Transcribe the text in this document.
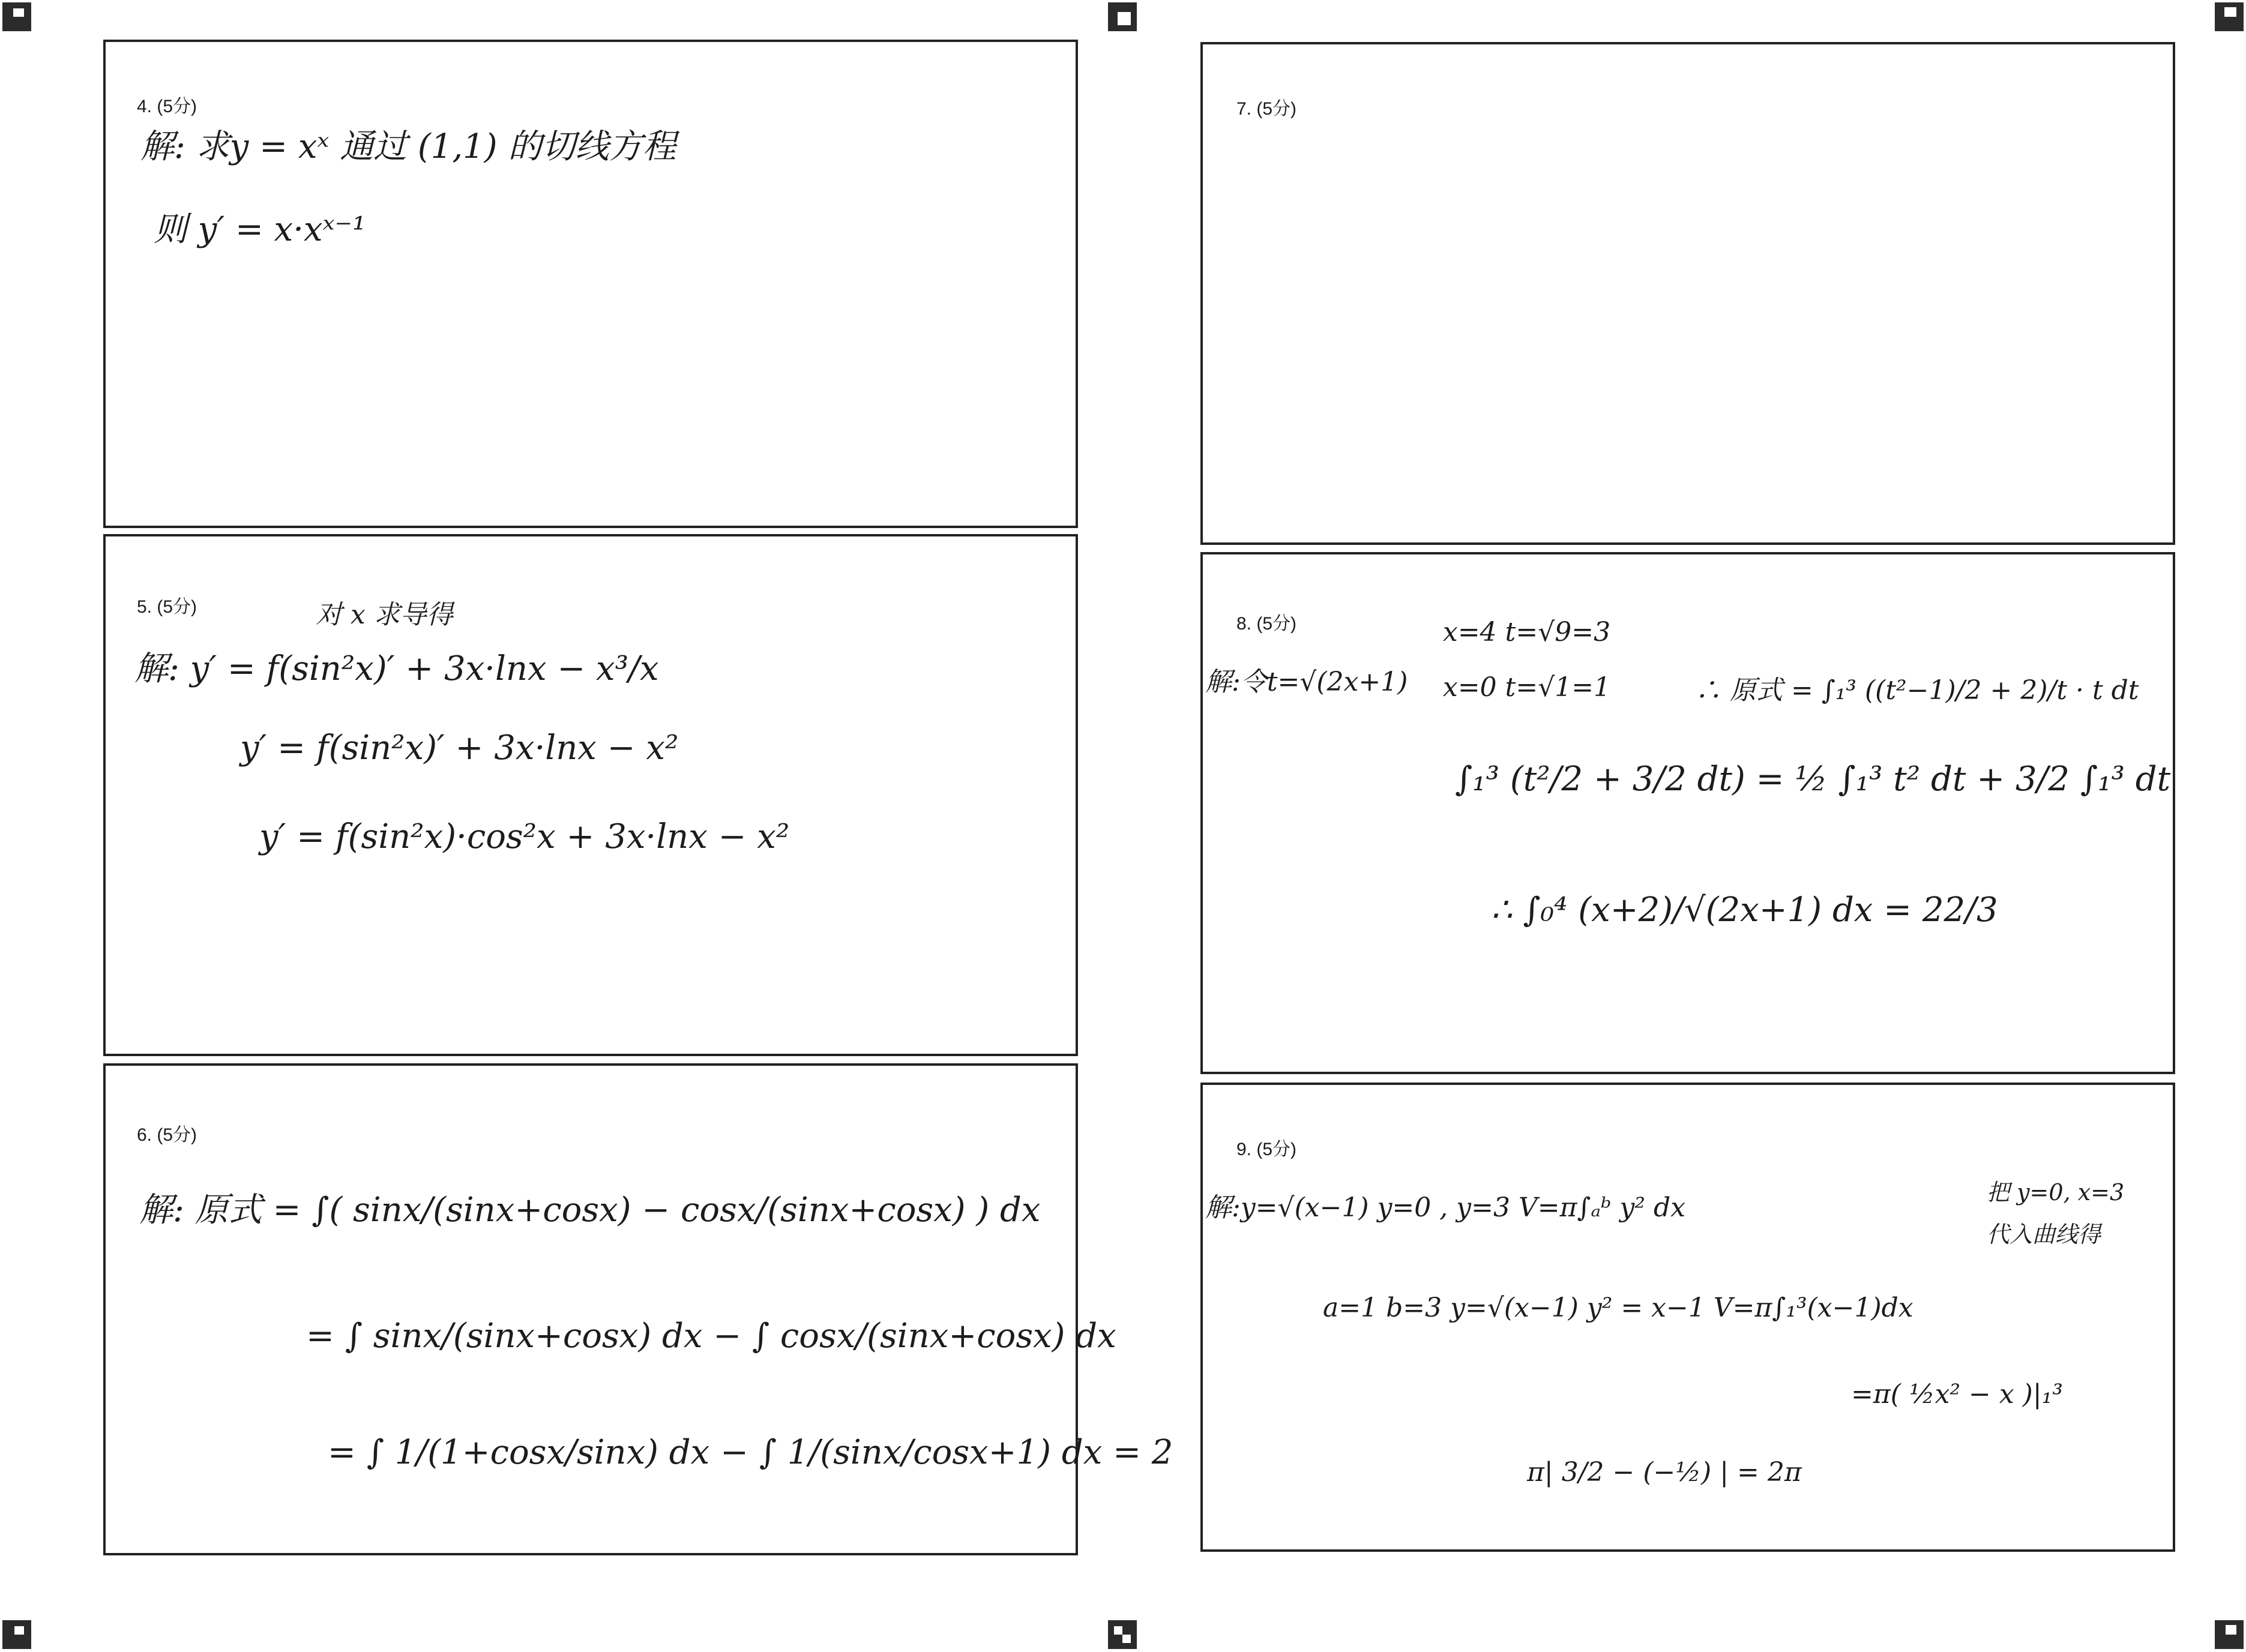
4. (5分)
解: 求y = xˣ 通过 (1,1) 的切线方程
则 y′ = x·xˣ⁻¹
5. (5分)	对 x 求导得
解: y′ = f(sin²x)′ + 3x·lnx − x³/x
y′ = f(sin²x)′ + 3x·lnx − x²
y′ = f(sin²x)·cos²x + 3x·lnx − x²
6. (5分)
解: 原式 = ∫( sinx/(sinx+cosx) − cosx/(sinx+cosx) ) dx
= ∫ sinx/(sinx+cosx) dx − ∫ cosx/(sinx+cosx) dx
= ∫ 1/(1+cosx/sinx) dx − ∫ 1/(sinx/cosx+1) dx = 2
7. (5分)
8. (5分)	x=4 t=√9=3
解:令t=√(2x+1) x=0 t=√1=1	∴ 原式 = ∫₁³ ((t²−1)/2 + 2)/t · t dt
∫₁³ (t²/2 + 3/2 dt) = ½ ∫₁³ t² dt + 3/2 ∫₁³ dt
∴ ∫₀⁴ (x+2)/√(2x+1) dx = 22/3
9. (5分)
解:y=√(x−1) y=0 , y=3 V=π∫ₐᵇ y² dx	把 y=0, x=3
代入曲线得
a=1 b=3 y=√(x−1) y² = x−1 V=π∫₁³(x−1)dx
=π( ½x² − x )|₁³
π| 3/2 − (−½) | = 2π
